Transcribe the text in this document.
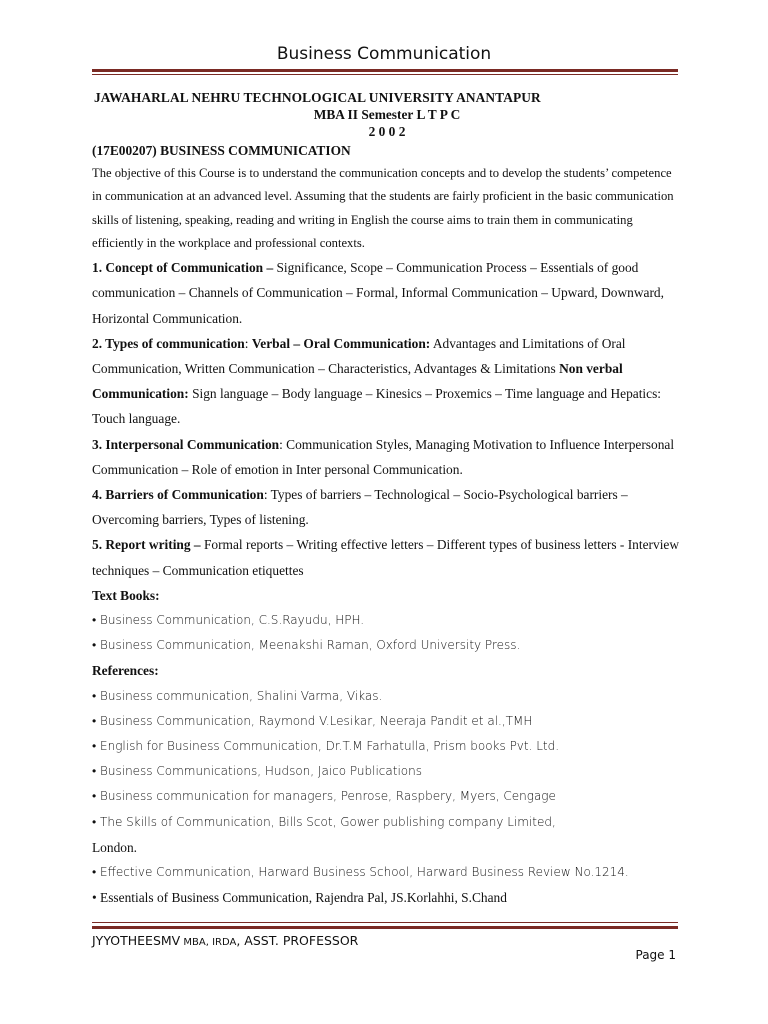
Business Communication
JAWAHARLAL NEHRU TECHNOLOGICAL UNIVERSITY ANANTAPUR
MBA II Semester L T P C
2 0 0 2
(17E00207) BUSINESS COMMUNICATION
The objective of this Course is to understand the communication concepts and to develop the students’ competence in communication at an advanced level. Assuming that the students are fairly proficient in the basic communication skills of listening, speaking, reading and writing in English the course aims to train them in communicating efficiently in the workplace and professional contexts.

1. Concept of Communication – Significance, Scope – Communication Process – Essentials of good communication – Channels of Communication – Formal, Informal Communication – Upward, Downward, Horizontal Communication.

2. Types of communication: Verbal – Oral Communication: Advantages and Limitations of Oral Communication, Written Communication – Characteristics, Advantages & Limitations Non verbal Communication: Sign language – Body language – Kinesics – Proxemics – Time language and Hepatics: Touch language.

3. Interpersonal Communication: Communication Styles, Managing Motivation to Influence Interpersonal Communication – Role of emotion in Inter personal Communication.

4. Barriers of Communication: Types of barriers – Technological – Socio-Psychological barriers – Overcoming barriers, Types of listening.

5. Report writing – Formal reports – Writing effective letters – Different types of business letters - Interview techniques – Communication etiquettes

Text Books:
• Business Communication, C.S.Rayudu, HPH.
• Business Communication, Meenakshi Raman, Oxford University Press.
References:
• Business communication, Shalini Varma, Vikas.
• Business Communication, Raymond V.Lesikar, Neeraja Pandit et al.,TMH
• English for Business Communication, Dr.T.M Farhatulla, Prism books Pvt. Ltd.
• Business Communications, Hudson, Jaico Publications
• Business communication for managers, Penrose, Raspbery, Myers, Cengage
• The Skills of Communication, Bills Scot, Gower publishing company Limited,
London.
• Effective Communication, Harward Business School, Harward Business Review No.1214.
• Essentials of Business Communication, Rajendra Pal, JS.Korlahhi, S.Chand
JYYOTHEESMV MBA, IRDA, ASST. PROFESSOR
Page 1
